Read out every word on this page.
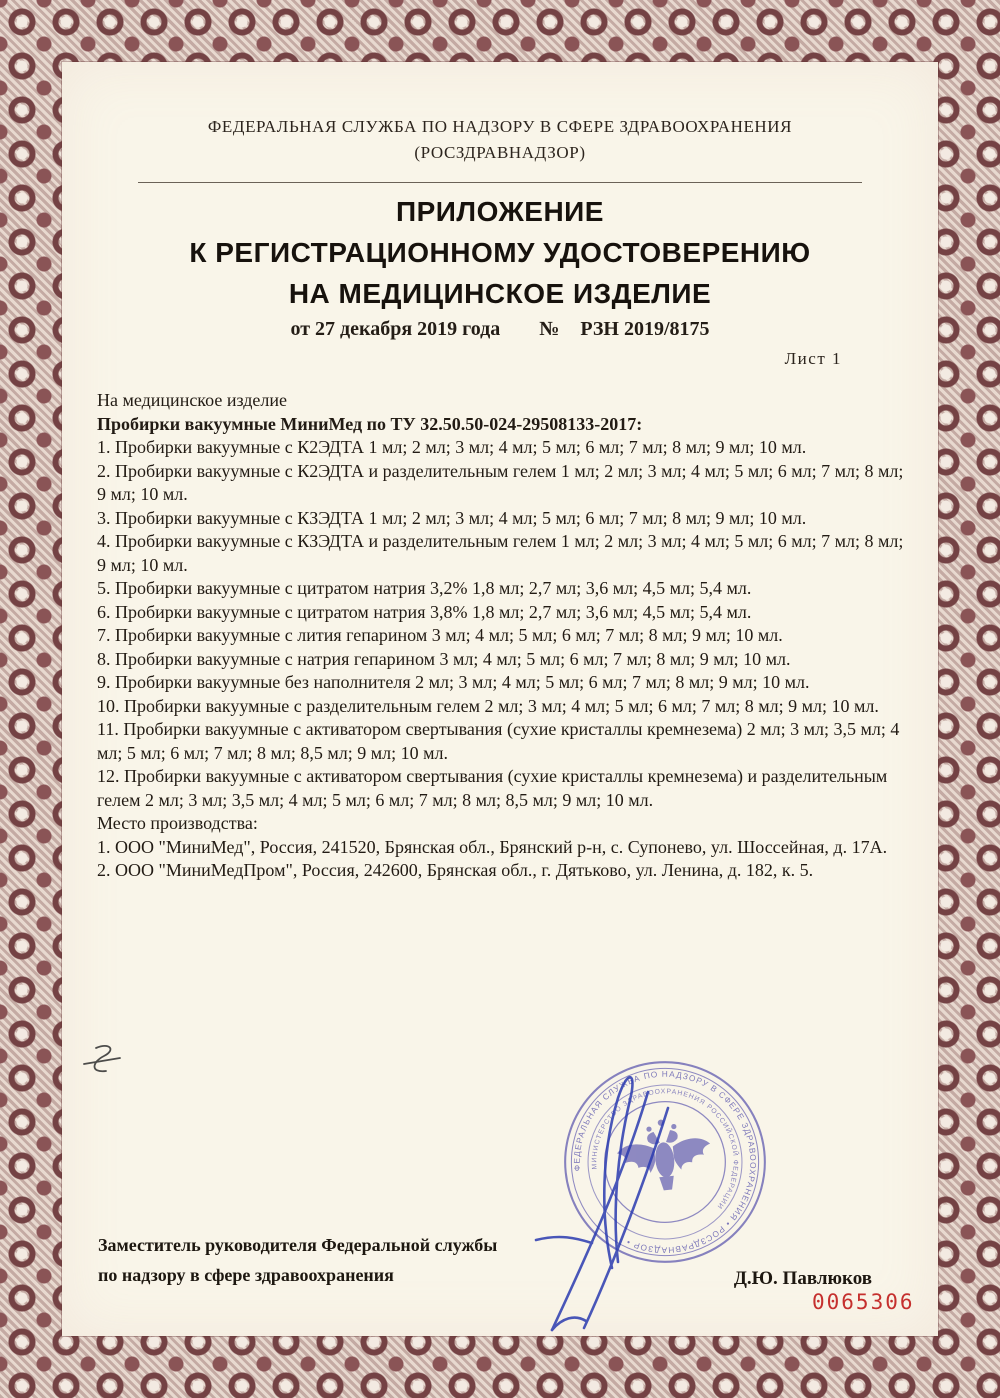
ФЕДЕРАЛЬНАЯ СЛУЖБА ПО НАДЗОРУ В СФЕРЕ ЗДРАВООХРАНЕНИЯ
(РОСЗДРАВНАДЗОР)
ПРИЛОЖЕНИЕ
К РЕГИСТРАЦИОННОМУ УДОСТОВЕРЕНИЮ
НА МЕДИЦИНСКОЕ ИЗДЕЛИЕ
от 27 декабря 2019 года № РЗН 2019/8175
Лист 1

На медицинское изделие

Пробирки вакуумные МиниМед по ТУ 32.50.50-024-29508133-2017:

1. Пробирки вакуумные с К2ЭДТА 1 мл; 2 мл; 3 мл; 4 мл; 5 мл; 6 мл; 7 мл; 8 мл; 9 мл; 10 мл.

2. Пробирки вакуумные с К2ЭДТА и разделительным гелем 1 мл; 2 мл; 3 мл; 4 мл; 5 мл; 6 мл; 7 мл; 8 мл; 9 мл; 10 мл.

3. Пробирки вакуумные с КЗЭДТА 1 мл; 2 мл; 3 мл; 4 мл; 5 мл; 6 мл; 7 мл; 8 мл; 9 мл; 10 мл.

4. Пробирки вакуумные с КЗЭДТА и разделительным гелем 1 мл; 2 мл; 3 мл; 4 мл; 5 мл; 6 мл; 7 мл; 8 мл; 9 мл; 10 мл.

5. Пробирки вакуумные с цитратом натрия 3,2% 1,8 мл; 2,7 мл; 3,6 мл; 4,5 мл; 5,4 мл.

6. Пробирки вакуумные с цитратом натрия 3,8% 1,8 мл; 2,7 мл; 3,6 мл; 4,5 мл; 5,4 мл.

7. Пробирки вакуумные с лития гепарином 3 мл; 4 мл; 5 мл; 6 мл; 7 мл; 8 мл; 9 мл; 10 мл.

8. Пробирки вакуумные с натрия гепарином 3 мл; 4 мл; 5 мл; 6 мл; 7 мл; 8 мл; 9 мл; 10 мл.

9. Пробирки вакуумные без наполнителя 2 мл; 3 мл; 4 мл; 5 мл; 6 мл; 7 мл; 8 мл; 9 мл; 10 мл.

10. Пробирки вакуумные с разделительным гелем 2 мл; 3 мл; 4 мл; 5 мл; 6 мл; 7 мл; 8 мл; 9 мл; 10 мл.

11. Пробирки вакуумные с активатором свертывания (сухие кристаллы кремнезема) 2 мл; 3 мл; 3,5 мл; 4 мл; 5 мл; 6 мл; 7 мл; 8 мл; 8,5 мл; 9 мл; 10 мл.

12. Пробирки вакуумные с активатором свертывания (сухие кристаллы кремнезема) и разделительным гелем 2 мл; 3 мл; 3,5 мл; 4 мл; 5 мл; 6 мл; 7 мл; 8 мл; 8,5 мл; 9 мл; 10 мл.

Место производства:

1. ООО "МиниМед", Россия, 241520, Брянская обл., Брянский р-н, с. Супонево, ул. Шоссейная, д. 17А.

2. ООО "МиниМедПром", Россия, 242600, Брянская обл., г. Дятьково, ул. Ленина, д. 182, к. 5.

Заместитель руководителя Федеральной службы
по надзору в сфере здравоохранения	Д.Ю. Павлюков
ФЕДЕРАЛЬНАЯ СЛУЖБА ПО НАДЗОРУ В СФЕРЕ ЗДРАВООХРАНЕНИЯ • РОСЗДРАВНАДЗОР •
МИНИСТЕРСТВО ЗДРАВООХРАНЕНИЯ РОССИЙСКОЙ ФЕДЕРАЦИИ
0065306
